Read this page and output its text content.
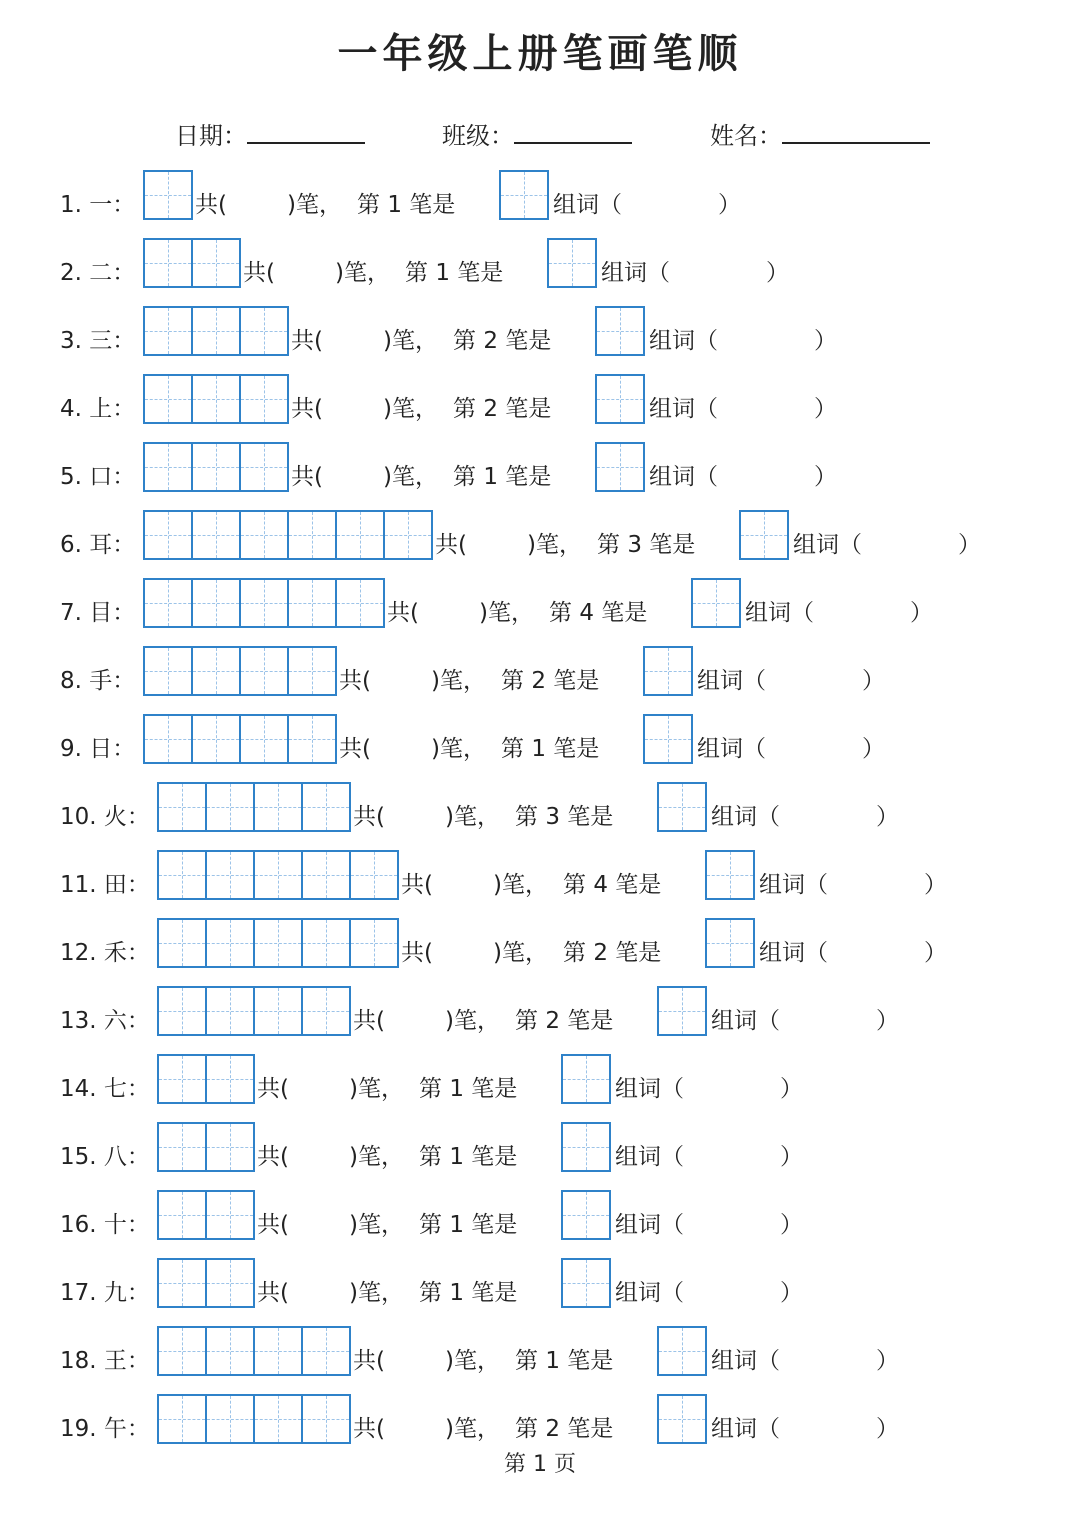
一年级上册笔画笔顺
日期：	班级：	姓名：
1. 一：	共(	)笔， 第 1 笔是	组词（	）
2. 二：	共(	)笔， 第 1 笔是	组词（	）
3. 三：	共(	)笔， 第 2 笔是	组词（	）
4. 上：	共(	)笔， 第 2 笔是	组词（	）
5. 口：	共(	)笔， 第 1 笔是	组词（	）
6. 耳：	共(	)笔， 第 3 笔是	组词（	）
7. 目：	共(	)笔， 第 4 笔是	组词（	）
8. 手：	共(	)笔， 第 2 笔是	组词（	）
9. 日：	共(	)笔， 第 1 笔是	组词（	）
10. 火：	共(	)笔， 第 3 笔是	组词（	）
11. 田：	共(	)笔， 第 4 笔是	组词（	）
12. 禾：	共(	)笔， 第 2 笔是	组词（	）
13. 六：	共(	)笔， 第 2 笔是	组词（	）
14. 七：	共(	)笔， 第 1 笔是	组词（	）
15. 八：	共(	)笔， 第 1 笔是	组词（	）
16. 十：	共(	)笔， 第 1 笔是	组词（	）
17. 九：	共(	)笔， 第 1 笔是	组词（	）
18. 王：	共(	)笔， 第 1 笔是	组词（	）
19. 午：	共(	)笔， 第 2 笔是	组词（	）
第 1 页
